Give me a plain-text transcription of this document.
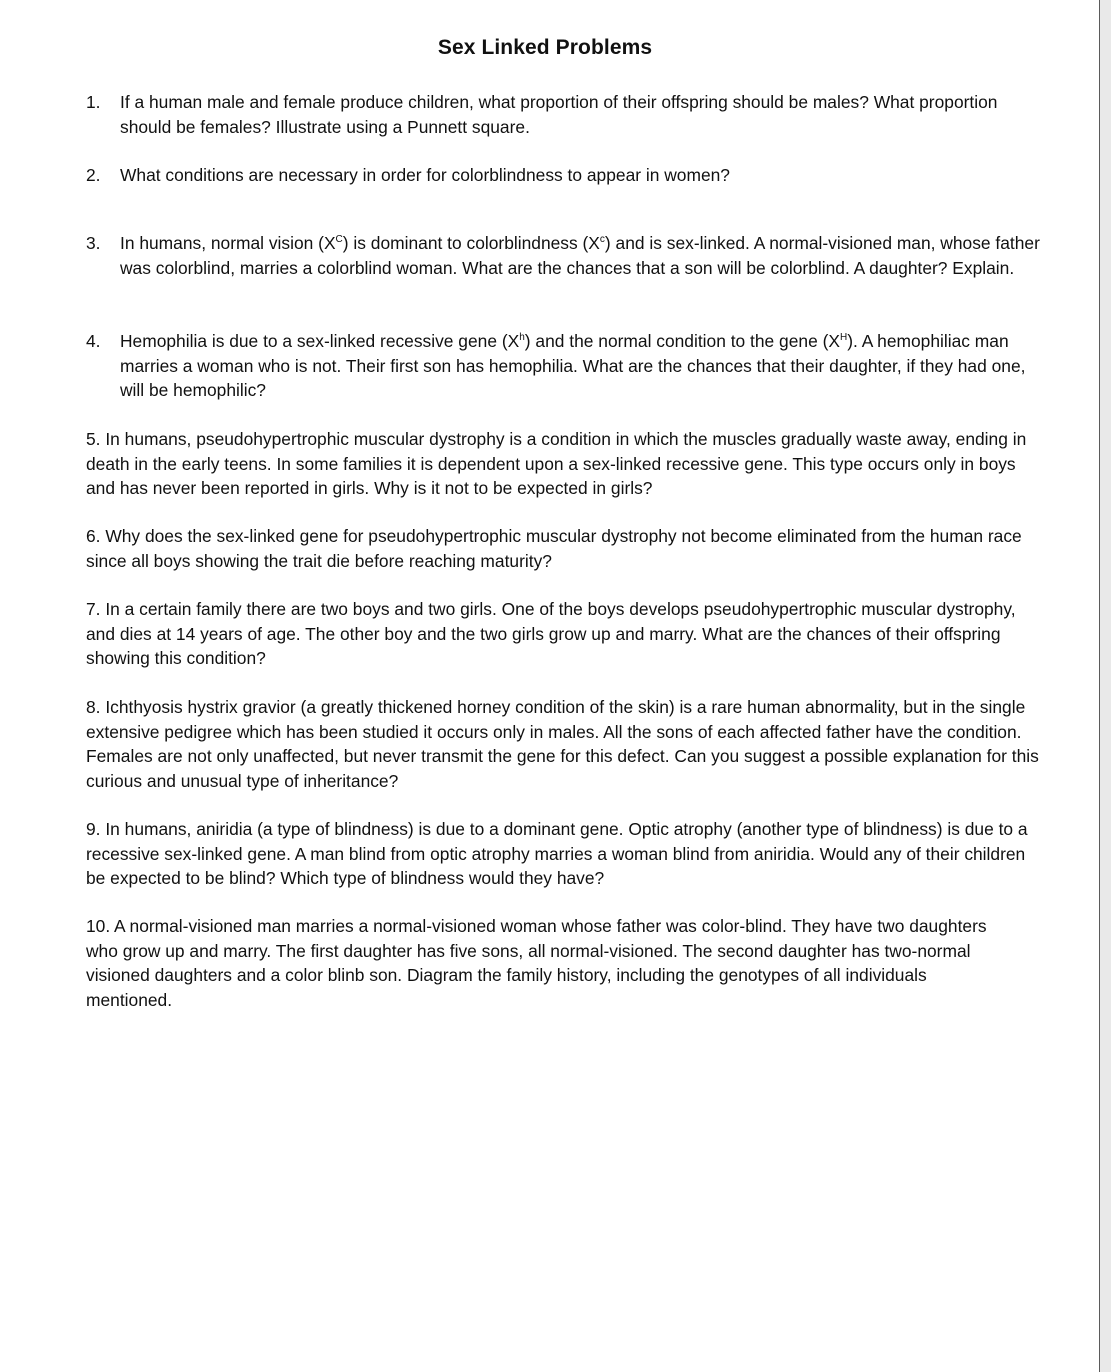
Sex Linked Problems
1. If a human male and female produce children, what proportion of their offspring should be males? What proportion should be females? Illustrate using a Punnett square.
2. What conditions are necessary in order for colorblindness to appear in women?
3. In humans, normal vision $(X^C)$ is dominant to colorblindness $(X^c)$ and is sex-linked. A normal-visioned man, whose father was colorblind, marries a colorblind woman. What are the chances that a son will be colorblind. A daughter? Explain.
4. Hemophilia is due to a sex-linked recessive gene $(X^h)$ and the normal condition to the gene $(X^H)$. A hemophiliac man marries a woman who is not. Their first son has hemophilia. What are the chances that their daughter, if they had one, will be hemophilic?
5. In humans, pseudohypertrophic muscular dystrophy is a condition in which the muscles gradually waste away, ending in death in the early teens. In some families it is dependent upon a sex-linked recessive gene. This type occurs only in boys and has never been reported in girls. Why is it not to be expected in girls?
6. Why does the sex-linked gene for pseudohypertrophic muscular dystrophy not become eliminated from the human race since all boys showing the trait die before reaching maturity?
7. In a certain family there are two boys and two girls. One of the boys develops pseudohypertrophic muscular dystrophy, and dies at 14 years of age. The other boy and the two girls grow up and marry. What are the chances of their offspring showing this condition?
8. Ichthyosis hystrix gravior (a greatly thickened horney condition of the skin) is a rare human abnormality, but in the single extensive pedigree which has been studied it occurs only in males. All the sons of each affected father have the condition. Females are not only unaffected, but never transmit the gene for this defect. Can you suggest a possible explanation for this curious and unusual type of inheritance?
9. In humans, aniridia (a type of blindness) is due to a dominant gene. Optic atrophy (another type of blindness) is due to a recessive sex-linked gene. A man blind from optic atrophy marries a woman blind from aniridia. Would any of their children be expected to be blind? Which type of blindness would they have?
10. A normal-visioned man marries a normal-visioned woman whose father was color-blind. They have two daughters who grow up and marry. The first daughter has five sons, all normal-visioned. The second daughter has two-normal visioned daughters and a color blinb son. Diagram the family history, including the genotypes of all individuals mentioned.
